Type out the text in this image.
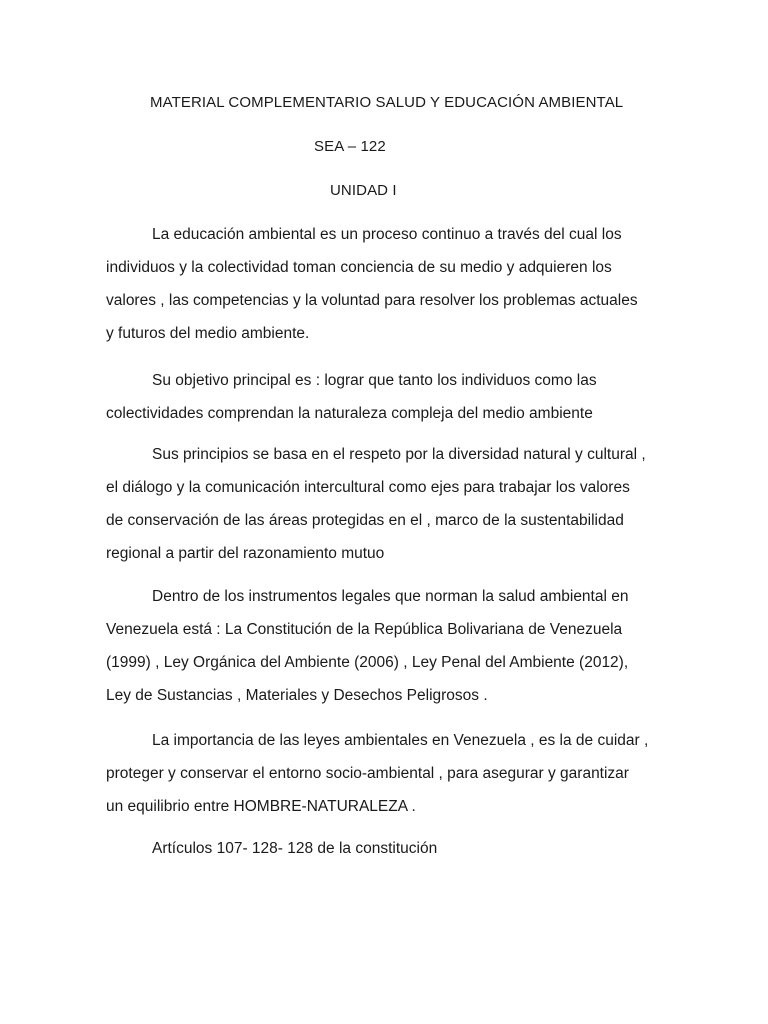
MATERIAL COMPLEMENTARIO SALUD Y EDUCACIÓN AMBIENTAL
SEA – 122
UNIDAD I

La educación ambiental es un proceso continuo a través del cual los
individuos y la colectividad toman conciencia de su medio y adquieren los
valores , las competencias y la voluntad para resolver los problemas actuales
y futuros del medio ambiente.

Su objetivo principal es : lograr que tanto los individuos como las
colectividades comprendan la naturaleza compleja del medio ambiente

Sus principios se basa en el respeto por la diversidad natural y cultural ,
el diálogo y la comunicación intercultural como ejes para trabajar los valores
de conservación de las áreas protegidas en el , marco de la sustentabilidad
regional a partir del razonamiento mutuo

Dentro de los instrumentos legales que norman la salud ambiental en
Venezuela está : La Constitución de la República Bolivariana de Venezuela
(1999) , Ley Orgánica del Ambiente (2006) , Ley Penal del Ambiente (2012),
Ley de Sustancias , Materiales y Desechos Peligrosos .

La importancia de las leyes ambientales en Venezuela , es la de cuidar ,
proteger y conservar el entorno socio-ambiental , para asegurar y garantizar
un equilibrio entre HOMBRE-NATURALEZA .

Artículos 107- 128- 128 de la constitución
